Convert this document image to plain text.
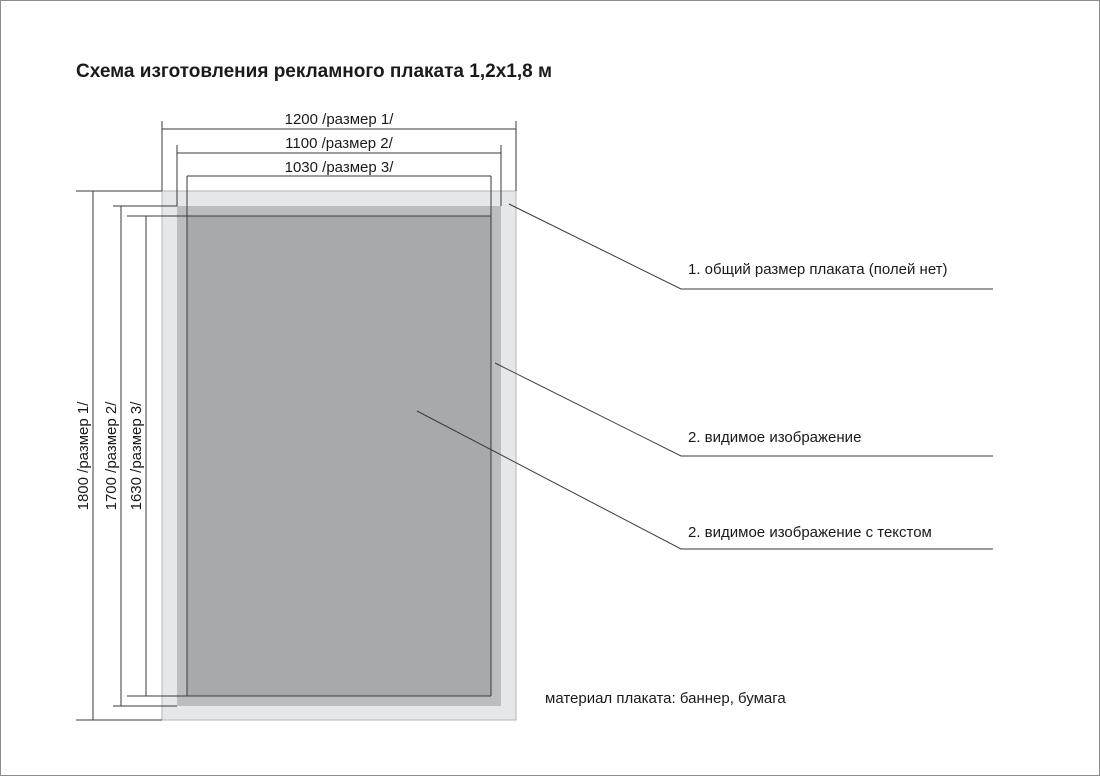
Схема изготовления рекламного плаката 1,2х1,8 м
1200 /размер 1/
1100 /размер 2/
1030 /размер 3/
1800 /размер 1/ 1700 /размер 2/ 1630 /размер 3/
1. общий размер плаката (полей нет)
2. видимое изображение
2. видимое изображение с текстом
материал плаката: баннер, бумага
